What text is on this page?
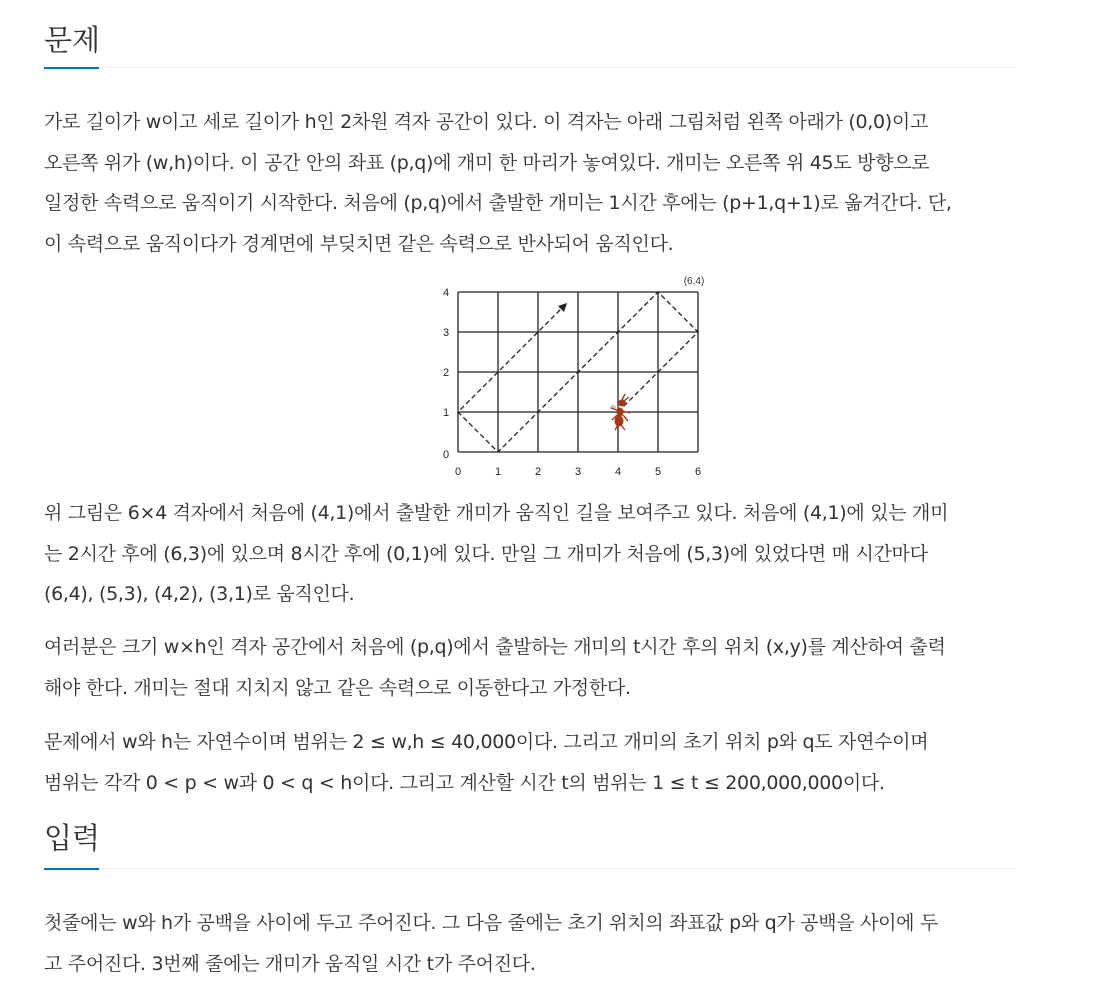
문제
가로 길이가 w이고 세로 길이가 h인 2차원 격자 공간이 있다. 이 격자는 아래 그림처럼 왼쪽 아래가 (0,0)이고
오른쪽 위가 (w,h)이다. 이 공간 안의 좌표 (p,q)에 개미 한 마리가 놓여있다. 개미는 오른쪽 위 45도 방향으로
일정한 속력으로 움직이기 시작한다. 처음에 (p,q)에서 출발한 개미는 1시간 후에는 (p+1,q+1)로 옮겨간다. 단,
이 속력으로 움직이다가 경계면에 부딪치면 같은 속력으로 반사되어 움직인다.
0	1	2	3	4	5	6
0
1
2
3
4
(6,4)
위 그림은 6×4 격자에서 처음에 (4,1)에서 출발한 개미가 움직인 길을 보여주고 있다. 처음에 (4,1)에 있는 개미
는 2시간 후에 (6,3)에 있으며 8시간 후에 (0,1)에 있다. 만일 그 개미가 처음에 (5,3)에 있었다면 매 시간마다
(6,4), (5,3), (4,2), (3,1)로 움직인다.
여러분은 크기 w×h인 격자 공간에서 처음에 (p,q)에서 출발하는 개미의 t시간 후의 위치 (x,y)를 계산하여 출력
해야 한다. 개미는 절대 지치지 않고 같은 속력으로 이동한다고 가정한다.
문제에서 w와 h는 자연수이며 범위는 2 ≤ w,h ≤ 40,000이다. 그리고 개미의 초기 위치 p와 q도 자연수이며
범위는 각각 0 < p < w과 0 < q < h이다. 그리고 계산할 시간 t의 범위는 1 ≤ t ≤ 200,000,000이다.
입력
첫줄에는 w와 h가 공백을 사이에 두고 주어진다. 그 다음 줄에는 초기 위치의 좌표값 p와 q가 공백을 사이에 두
고 주어진다. 3번째 줄에는 개미가 움직일 시간 t가 주어진다.
